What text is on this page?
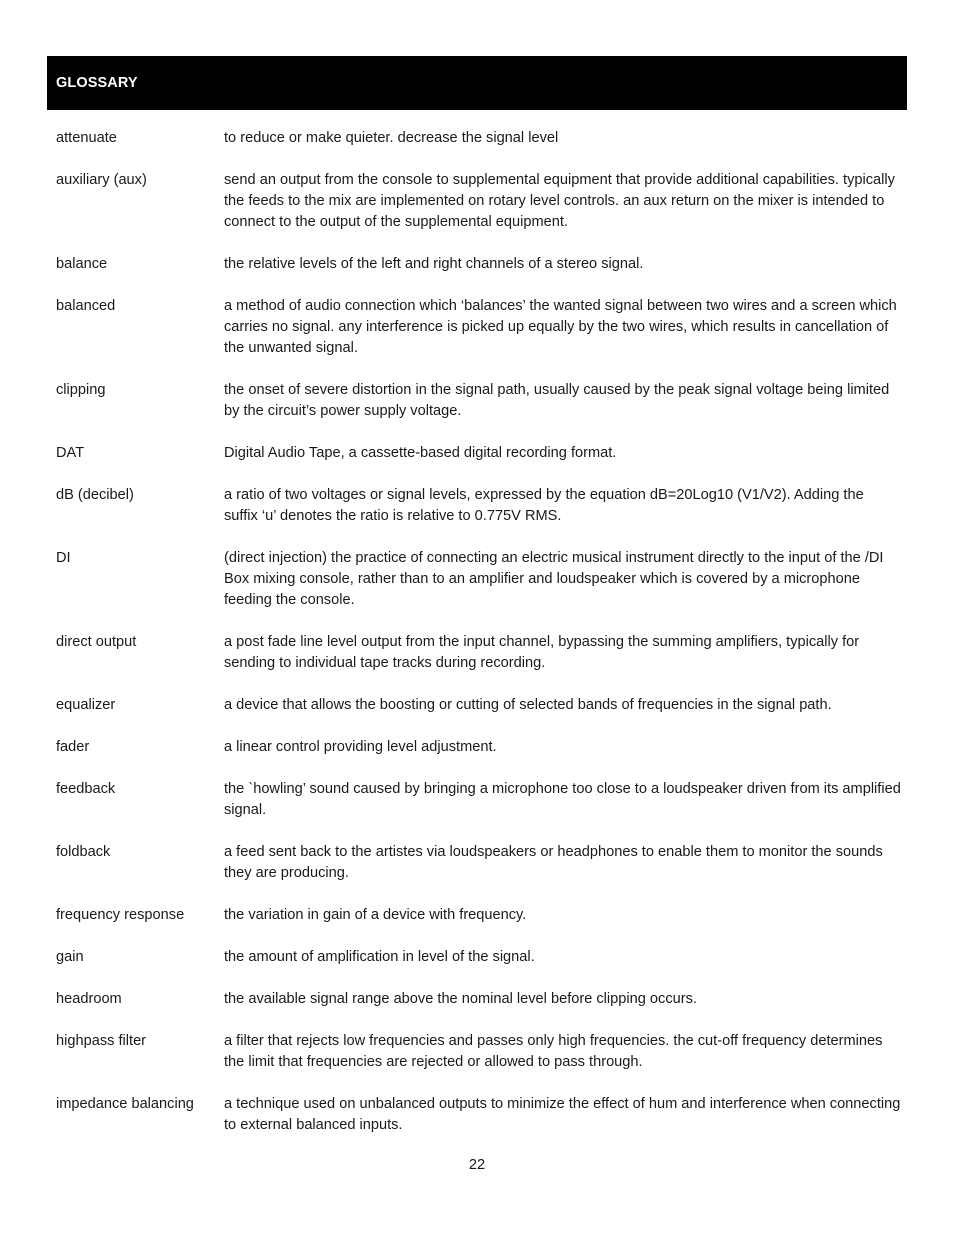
GLOSSARY
attenuate	to reduce or make quieter. decrease the signal level
auxiliary (aux)	send an output from the console to supplemental equipment that provide additional capabilities. typically the feeds to the mix are implemented on rotary level controls. an aux return on the mixer is intended to connect to the output of the supplemental equipment.
balance	the relative levels of the left and right channels of a stereo signal.
balanced	a method of audio connection which ‘balances’ the wanted signal between two wires and a screen which carries no signal. any interference is picked up equally by the two wires, which results in cancellation of the unwanted signal.
clipping	the onset of severe distortion in the signal path, usually caused by the peak signal voltage being limited by the circuit’s power supply voltage.
DAT	Digital Audio Tape, a cassette-based digital recording format.
dB (decibel)	a ratio of two voltages or signal levels, expressed by the equation dB=20Log10 (V1/V2). Adding the suffix ‘u’ denotes the ratio is relative to 0.775V RMS.
DI	(direct injection) the practice of connecting an electric musical instrument directly to the input of the /DI Box mixing console, rather than to an amplifier and loudspeaker which is covered by a microphone feeding the console.
direct output	a post fade line level output from the input channel, bypassing the summing amplifiers, typically for sending to individual tape tracks during recording.
equalizer	a device that allows the boosting or cutting of selected bands of frequencies in the signal path.
fader	a linear control providing level adjustment.
feedback	the `howling’ sound caused by bringing a microphone too close to a loudspeaker driven from its amplified signal.
foldback	a feed sent back to the artistes via loudspeakers or headphones to enable them to monitor the sounds they are producing.
frequency response	the variation in gain of a device with frequency.
gain	the amount of amplification in level of the signal.
headroom	the available signal range above the nominal level before clipping occurs.
highpass filter	a filter that rejects low frequencies and passes only high frequencies. the cut-off frequency determines the limit that frequencies are rejected or allowed to pass through.
impedance balancing	a technique used on unbalanced outputs to minimize the effect of hum and interference when connecting to external balanced inputs.
22
